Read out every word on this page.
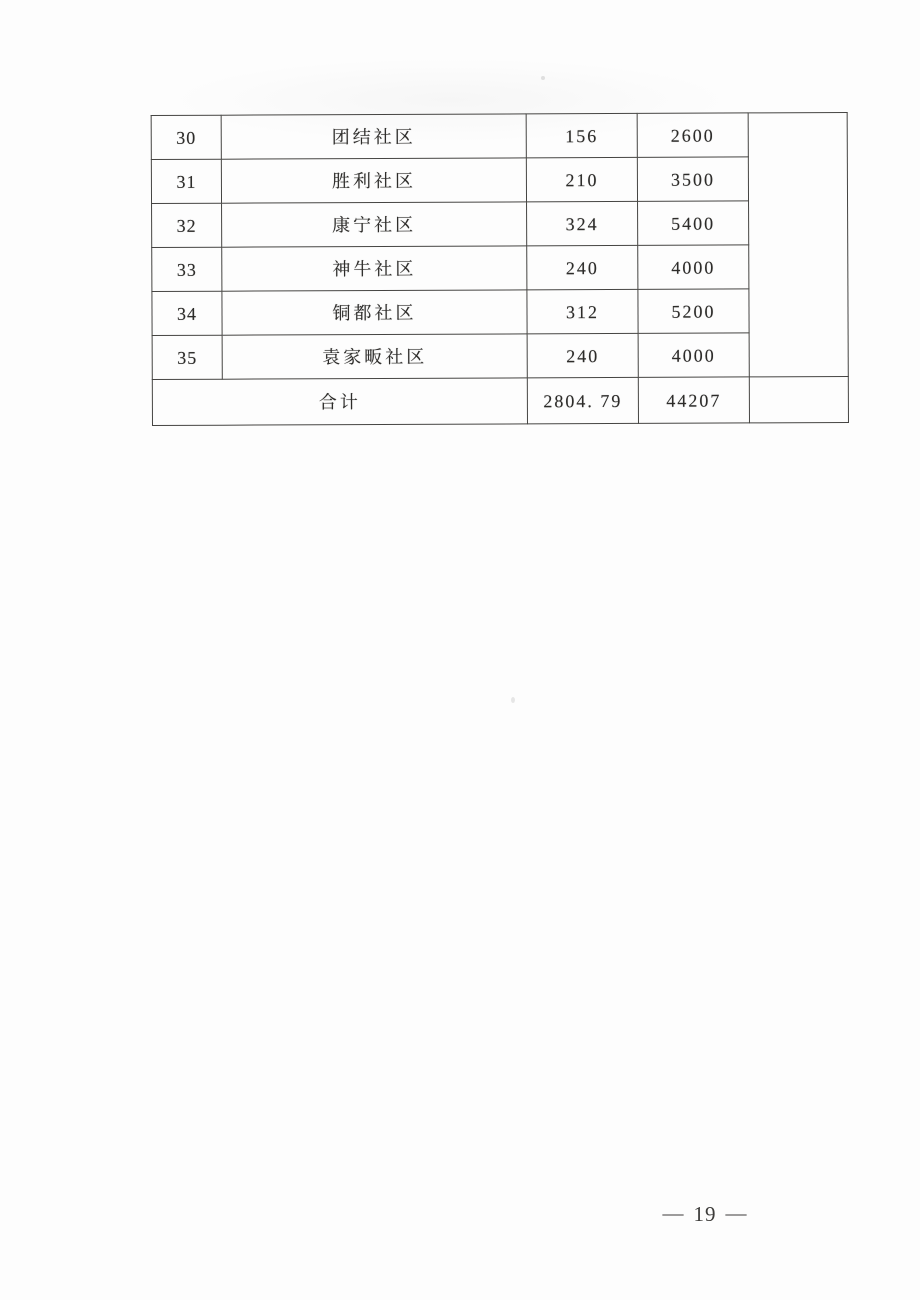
30	团结社区	156	2600	
31	胜利社区	210	3500	
32	康宁社区	324	5400	
33	神牛社区	240	4000	
34	铜都社区	312	5200	
35	袁家畈社区	240	4000	
合计		2804. 79	44207	
— 19 —
